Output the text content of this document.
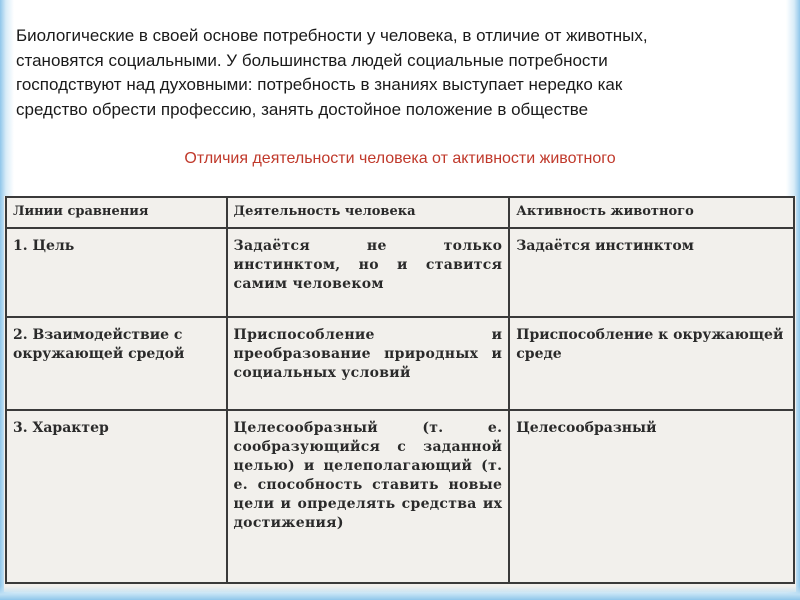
Биологические в своей основе потребности у человека, в отличие от животных,
становятся социальными. У большинства людей социальные потребности
господствуют над духовными: потребность в знаниях выступает нередко как
средство обрести профессию, занять достойное положение в обществе
Отличия деятельности человека от активности животного
Линии сравнения	Деятельность человека	Активность животного
1. Цель	Задаётся не только инстинктом, но и ставится самим человеком	Задаётся инстинктом
2. Взаимодействие с окружающей средой	Приспособление и преобразование природных и социальных условий	Приспособление к окружающей среде
3. Характер	Целесообразный (т. е. сообразующийся с заданной целью) и целеполагающий (т. е. способность ставить новые цели и определять средства их достижения)	Целесообразный
